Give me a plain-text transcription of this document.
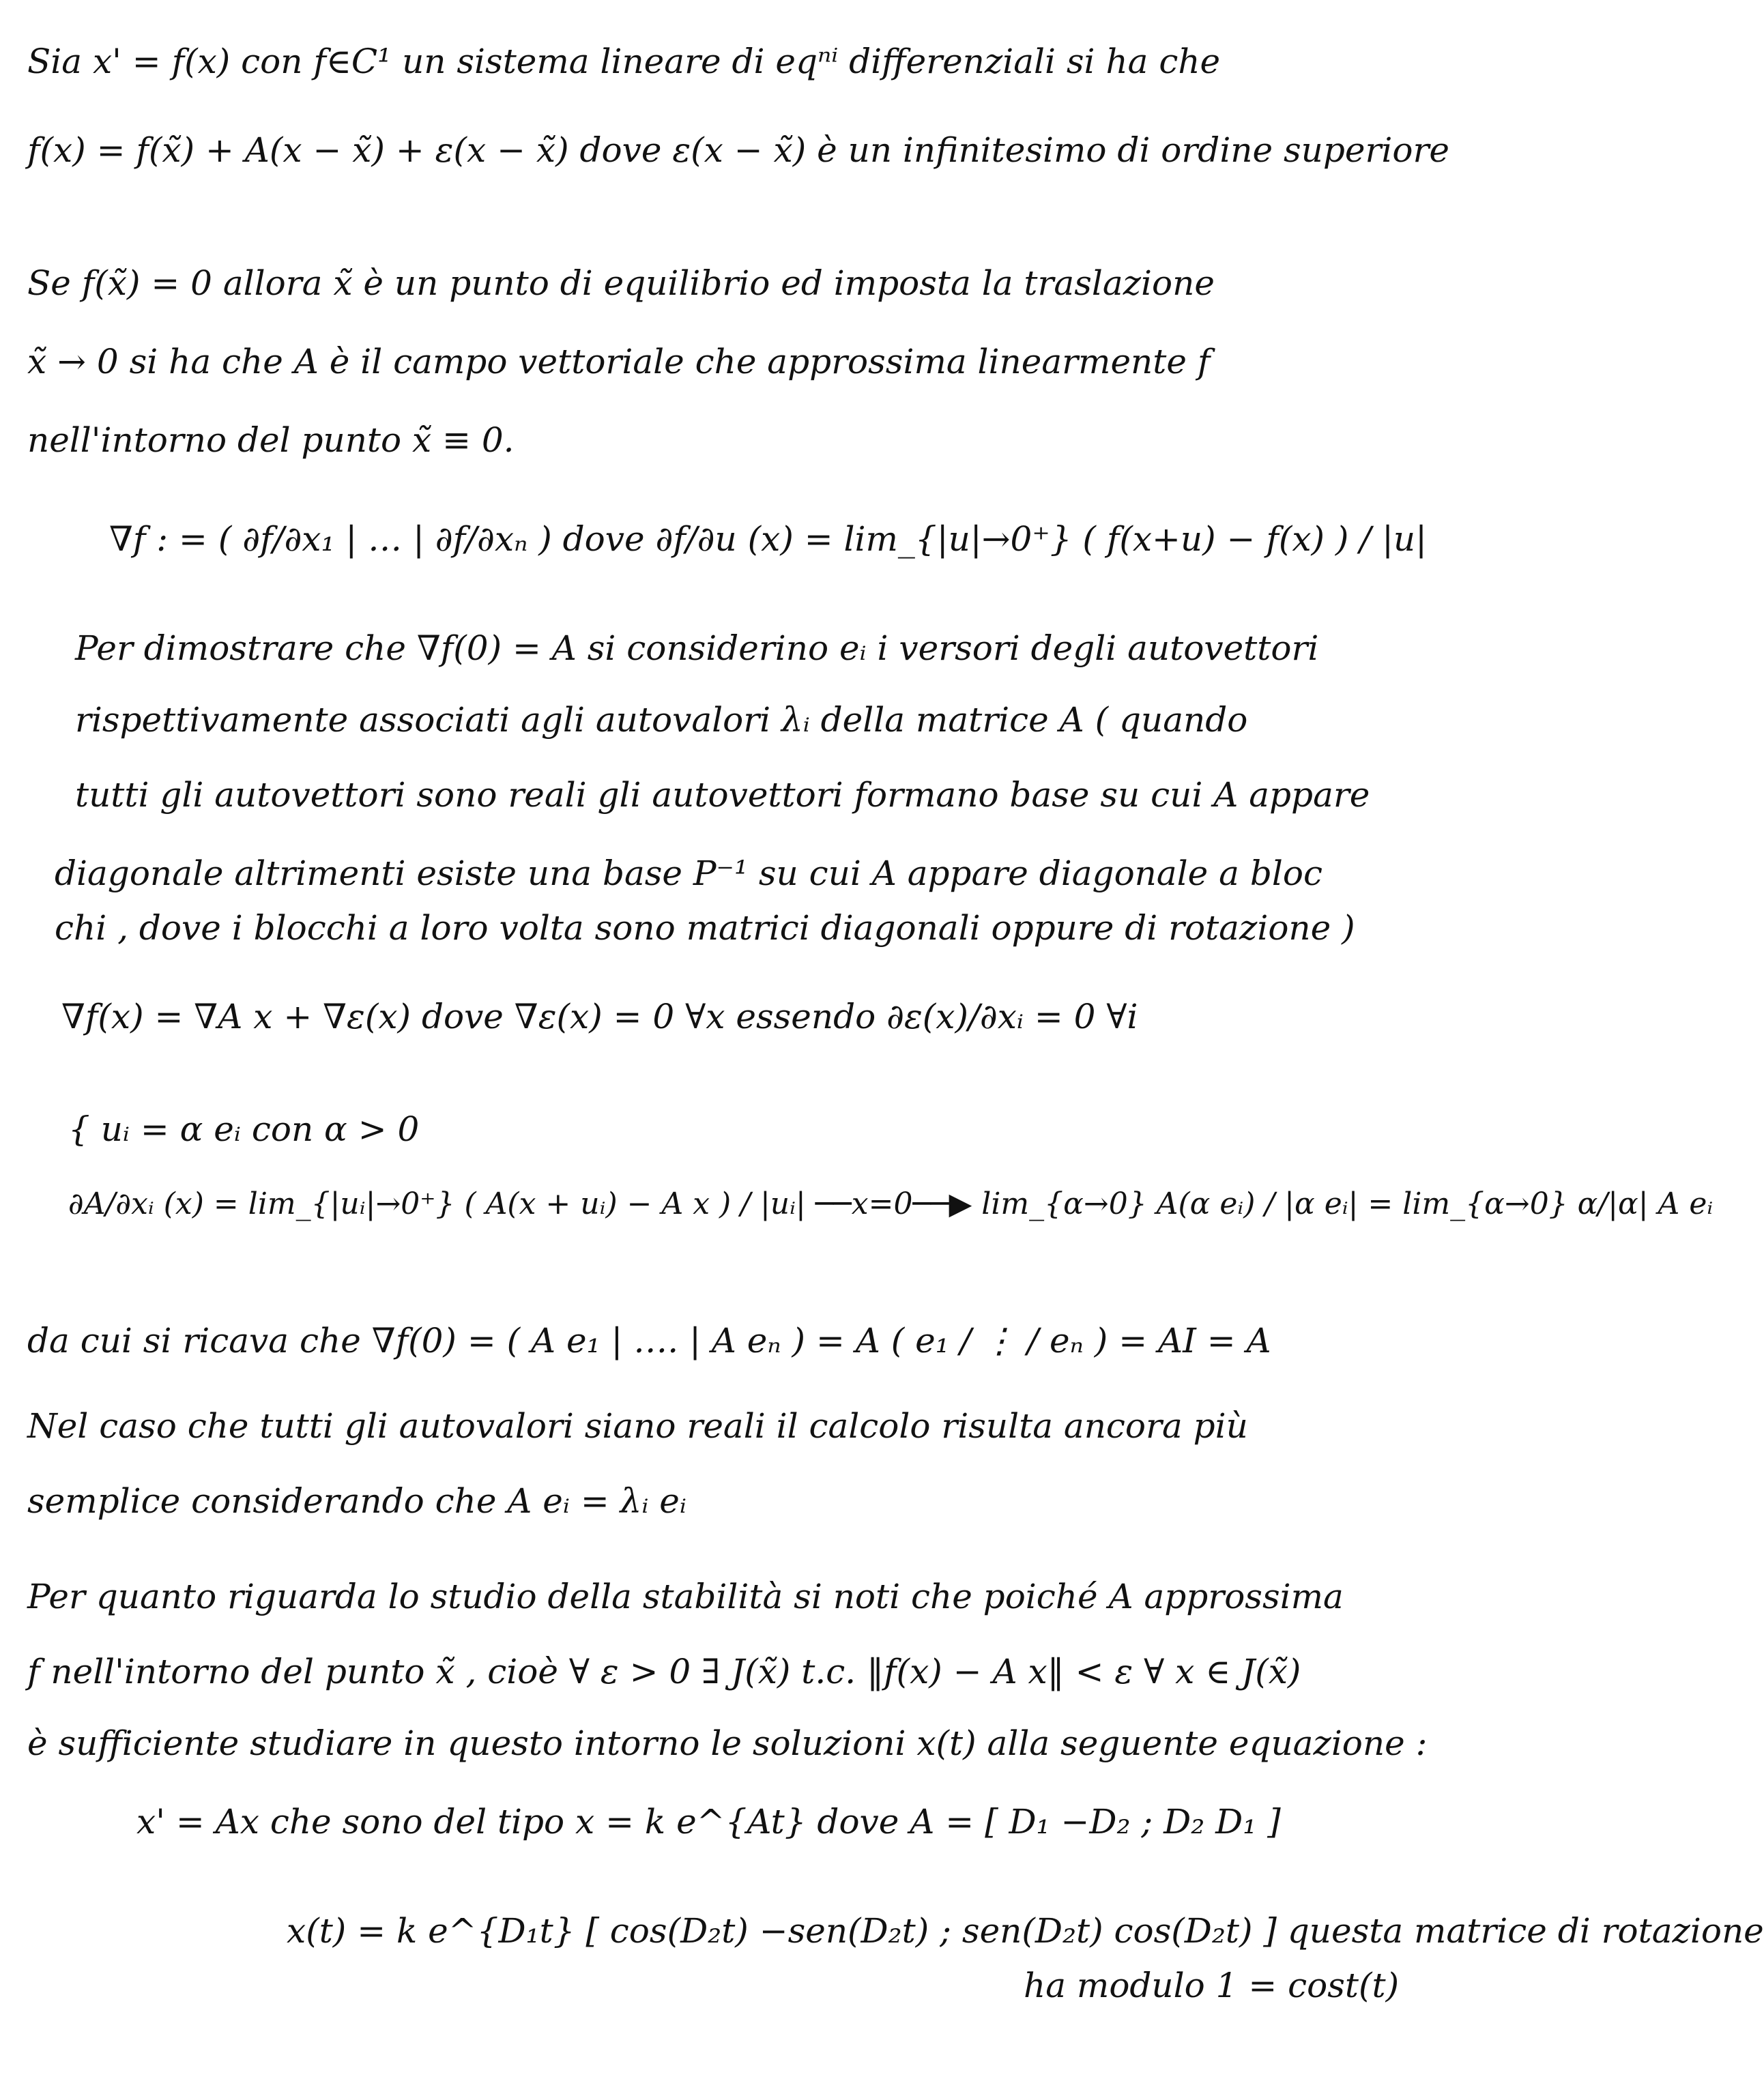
Sia x' = f(x) con f∈C¹ un sistema lineare di eqⁿⁱ differenziali si ha che
f(x) = f(x̃) + A(x − x̃) + ε(x − x̃) dove ε(x − x̃) è un infinitesimo di ordine superiore
Se f(x̃) = 0 allora x̃ è un punto di equilibrio ed imposta la traslazione
x̃ → 0 si ha che A è il campo vettoriale che approssima linearmente f
nell'intorno del punto x̃ ≡ 0.
∇f : = ( ∂f/∂x₁ | … | ∂f/∂xₙ ) dove ∂f/∂u (x) = lim_{|u|→0⁺} ( f(x+u) − f(x) ) / |u|
Per dimostrare che ∇f(0) = A si considerino eᵢ i versori degli autovettori
rispettivamente associati agli autovalori λᵢ della matrice A ( quando
tutti gli autovettori sono reali gli autovettori formano base su cui A appare
diagonale altrimenti esiste una base P⁻¹ su cui A appare diagonale a bloc
chi , dove i blocchi a loro volta sono matrici diagonali oppure di rotazione )
∇f(x) = ∇A x + ∇ε(x) dove ∇ε(x) = 0 ∀x essendo ∂ε(x)/∂xᵢ = 0 ∀i
{ uᵢ = α eᵢ con α > 0
∂A/∂xᵢ (x) = lim_{|uᵢ|→0⁺} ( A(x + uᵢ) − A x ) / |uᵢ| ──x=0──▶ lim_{α→0} A(α eᵢ) / |α eᵢ| = lim_{α→0} α/|α| A eᵢ
da cui si ricava che ∇f(0) = ( A e₁ | …. | A eₙ ) = A ( e₁ / ⋮ / eₙ ) = AI = A
Nel caso che tutti gli autovalori siano reali il calcolo risulta ancora più
semplice considerando che A eᵢ = λᵢ eᵢ
Per quanto riguarda lo studio della stabilità si noti che poiché A approssima
f nell'intorno del punto x̃ , cioè ∀ ε > 0 ∃ J(x̃) t.c. ‖f(x) − A x‖ < ε ∀ x ∈ J(x̃)
è sufficiente studiare in questo intorno le soluzioni x(t) alla seguente equazione :
x' = Ax che sono del tipo x = k e^{At} dove A = [ D₁ −D₂ ; D₂ D₁ ]
x(t) = k e^{D₁t} [ cos(D₂t) −sen(D₂t) ; sen(D₂t) cos(D₂t) ] questa matrice di rotazione
ha modulo 1 = cost(t)
